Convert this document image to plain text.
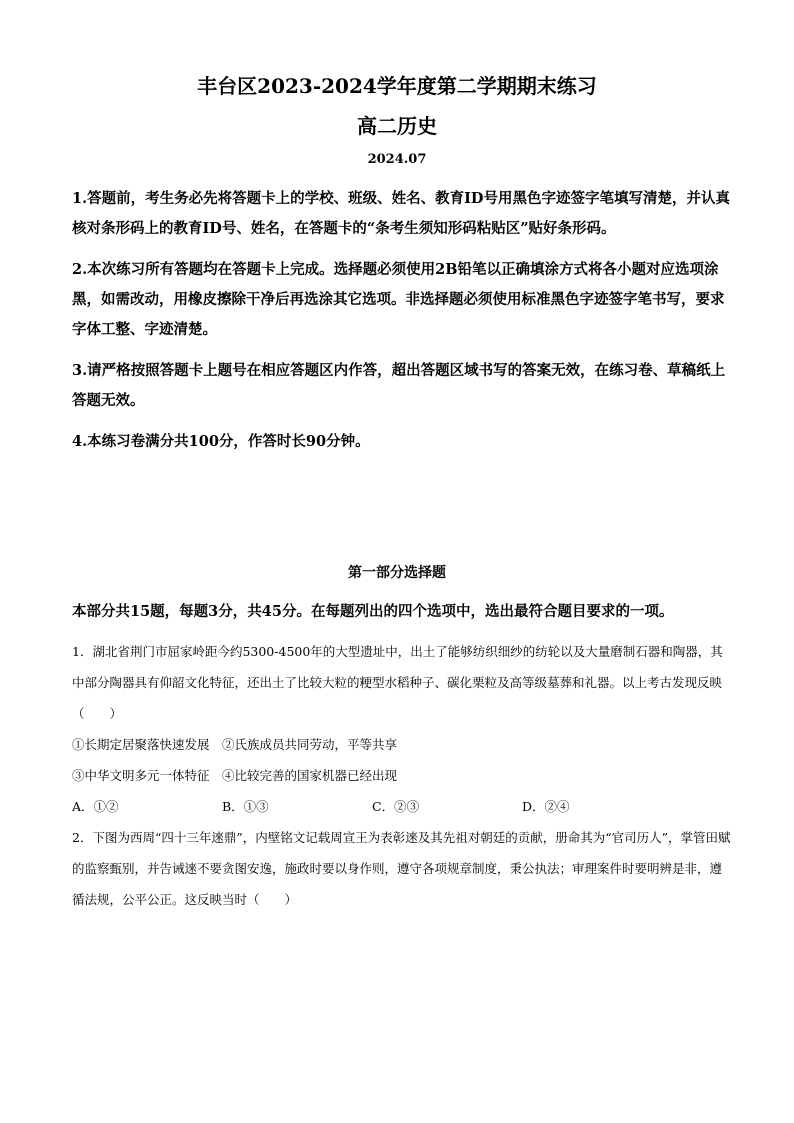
丰台区2023-2024学年度第二学期期末练习
高二历史
2024.07

1.答题前，考生务必先将答题卡上的学校、班级、姓名、教育ID号用黑色字迹签字笔填写清楚，并认真核对条形码上的教育ID号、姓名，在答题卡的“条考生须知形码粘贴区”贴好条形码。

2.本次练习所有答题均在答题卡上完成。选择题必须使用2B铅笔以正确填涂方式将各小题对应选项涂黑，如需改动，用橡皮擦除干净后再选涂其它选项。非选择题必须使用标准黑色字迹签字笔书写，要求字体工整、字迹清楚。

3.请严格按照答题卡上题号在相应答题区内作答，超出答题区域书写的答案无效，在练习卷、草稿纸上答题无效。

4.本练习卷满分共100分，作答时长90分钟。

第一部分选择题
本部分共15题，每题3分，共45分。在每题列出的四个选项中，选出最符合题目要求的一项。

1．湖北省荆门市屈家岭距今约5300-4500年的大型遗址中，出土了能够纺织细纱的纺轮以及大量磨制石器和陶器，其中部分陶器具有仰韶文化特征，还出土了比较大粒的粳型水稻种子、碳化栗粒及高等级墓葬和礼器。以上考古发现反映（　　）

①长期定居聚落快速发展　②氏族成员共同劳动，平等共享

③中华文明多元一体特征　④比较完善的国家机器已经出现

A．①②	B．①③	C．②③	D．②④

2．下图为西周“四十三年逨鼎”，内壁铭文记载周宣王为表彰逨及其先祖对朝廷的贡献，册命其为“官司历人”，掌管田赋的监察甄别，并告诫逨不要贪图安逸，施政时要以身作则，遵守各项规章制度，秉公执法；审理案件时要明辨是非，遵循法规，公平公正。这反映当时（　　）
